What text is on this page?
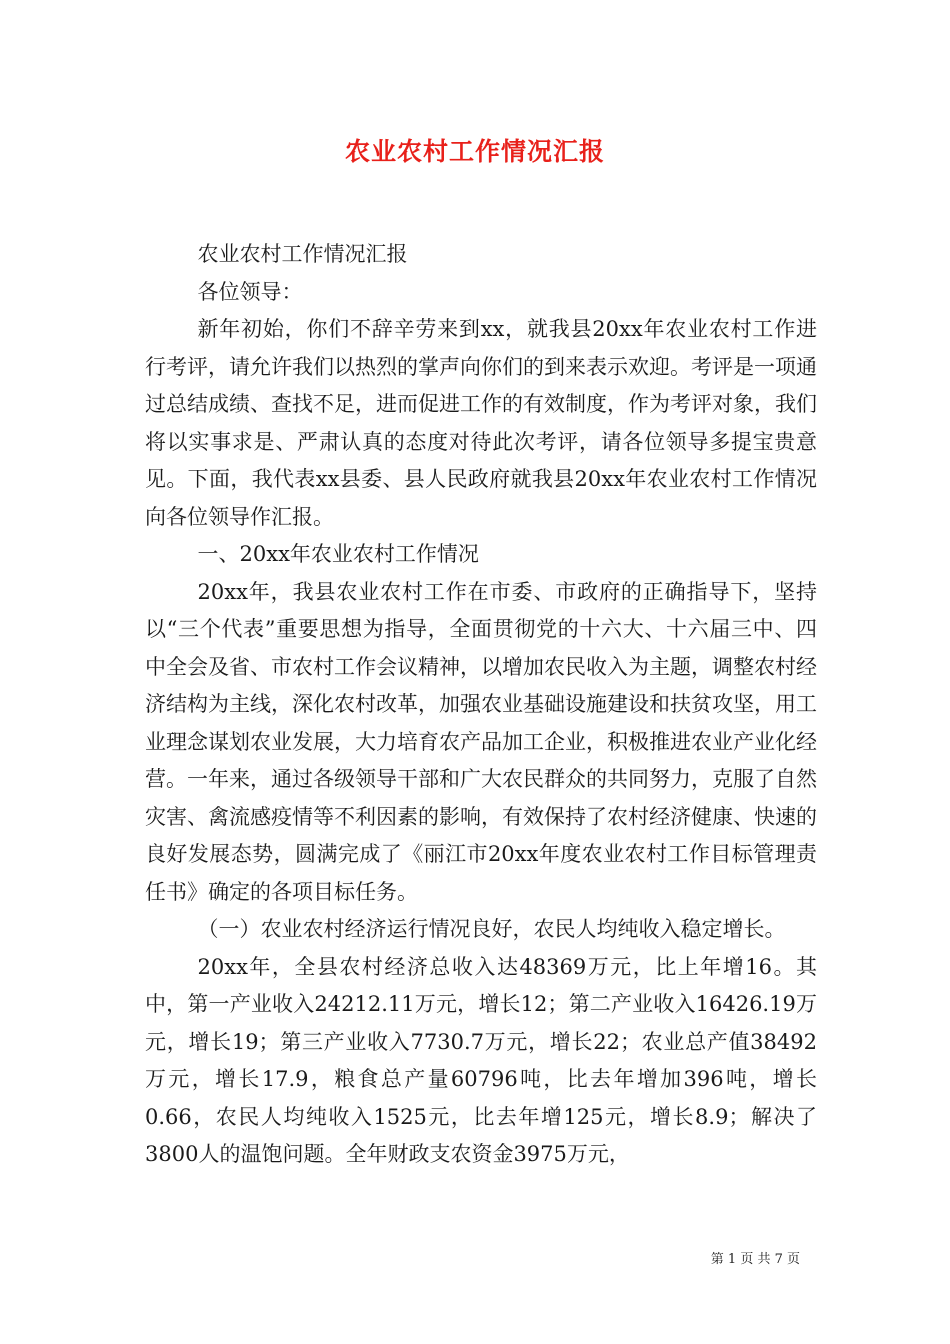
农业农村工作情况汇报

农业农村工作情况汇报

各位领导：

新年初始，你们不辞辛劳来到xx，就我县20xx年农业农村工作进行考评，请允许我们以热烈的掌声向你们的到来表示欢迎。考评是一项通过总结成绩、查找不足，进而促进工作的有效制度，作为考评对象，我们将以实事求是、严肃认真的态度对待此次考评，请各位领导多提宝贵意见。下面，我代表xx县委、县人民政府就我县20xx年农业农村工作情况向各位领导作汇报。

一、20xx年农业农村工作情况

20xx年，我县农业农村工作在市委、市政府的正确指导下，坚持以“三个代表”重要思想为指导，全面贯彻党的十六大、十六届三中、四中全会及省、市农村工作会议精神，以增加农民收入为主题，调整农村经济结构为主线，深化农村改革，加强农业基础设施建设和扶贫攻坚，用工业理念谋划农业发展，大力培育农产品加工企业，积极推进农业产业化经营。一年来，通过各级领导干部和广大农民群众的共同努力，克服了自然灾害、禽流感疫情等不利因素的影响，有效保持了农村经济健康、快速的良好发展态势，圆满完成了《丽江市20xx年度农业农村工作目标管理责任书》确定的各项目标任务。

（一）农业农村经济运行情况良好，农民人均纯收入稳定增长。

20xx年，全县农村经济总收入达48369万元，比上年增16。其中，第一产业收入24212.11万元，增长12；第二产业收入16426.19万元，增长19；第三产业收入7730.7万元，增长22；农业总产值38492万元，增长17.9，粮食总产量60796吨，比去年增加396吨，增长0.66，农民人均纯收入1525元，比去年增125元，增长8.9；解决了3800人的温饱问题。全年财政支农资金3975万元，

第 1 页 共 7 页
